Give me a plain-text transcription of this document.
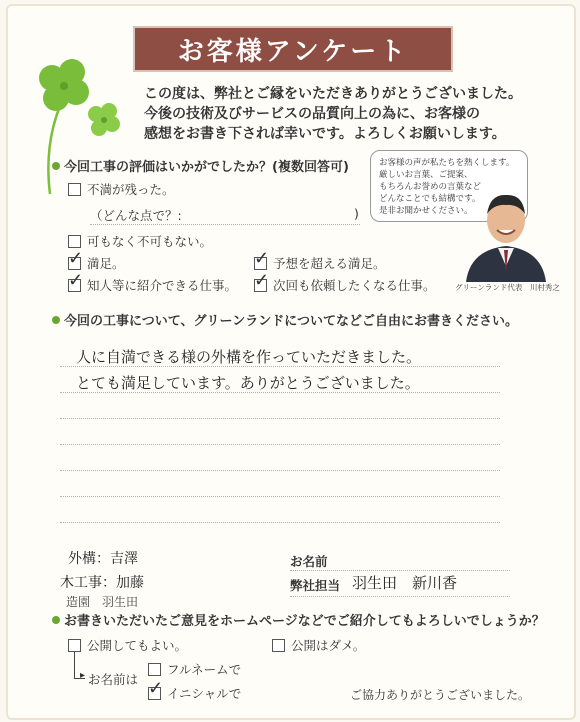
お客様アンケート
この度は、弊社とご縁をいただきありがとうございました。
今後の技術及びサービスの品質向上の為に、お客様の
感想をお書き下されば幸いです。よろしくお願いします。
今回工事の評価はいかがでしたか？(複数回答可)
不満が残った。
（どんな点で？:	)
可もなく不可もない。
✓ 満足。	✓ 予想を超える満足。
✓ 知人等に紹介できる仕事。 ✓ 次回も依頼したくなる仕事。
お客様の声が私たちを熱くします。
厳しいお言葉、ご提案、
もちろんお誉めの言葉など
どんなことでも結構です。
是非お聞かせください。
グリーンランド代表　川村秀之
今回の工事について、グリーンランドについてなどご自由にお書きください。
人に自満できる様の外構を作っていただきました。
とても満足しています。ありがとうございました。
外構：吉澤
木工事：加藤
造園　羽生田
お名前
弊社担当 羽生田　新川香
お書きいただいたご意見をホームページなどでご紹介してもよろしいでしょうか？
公開してもよい。	公開はダメ。
▸ お名前は
フルネームで
✓ イニシャルで	ご協力ありがとうございました。
